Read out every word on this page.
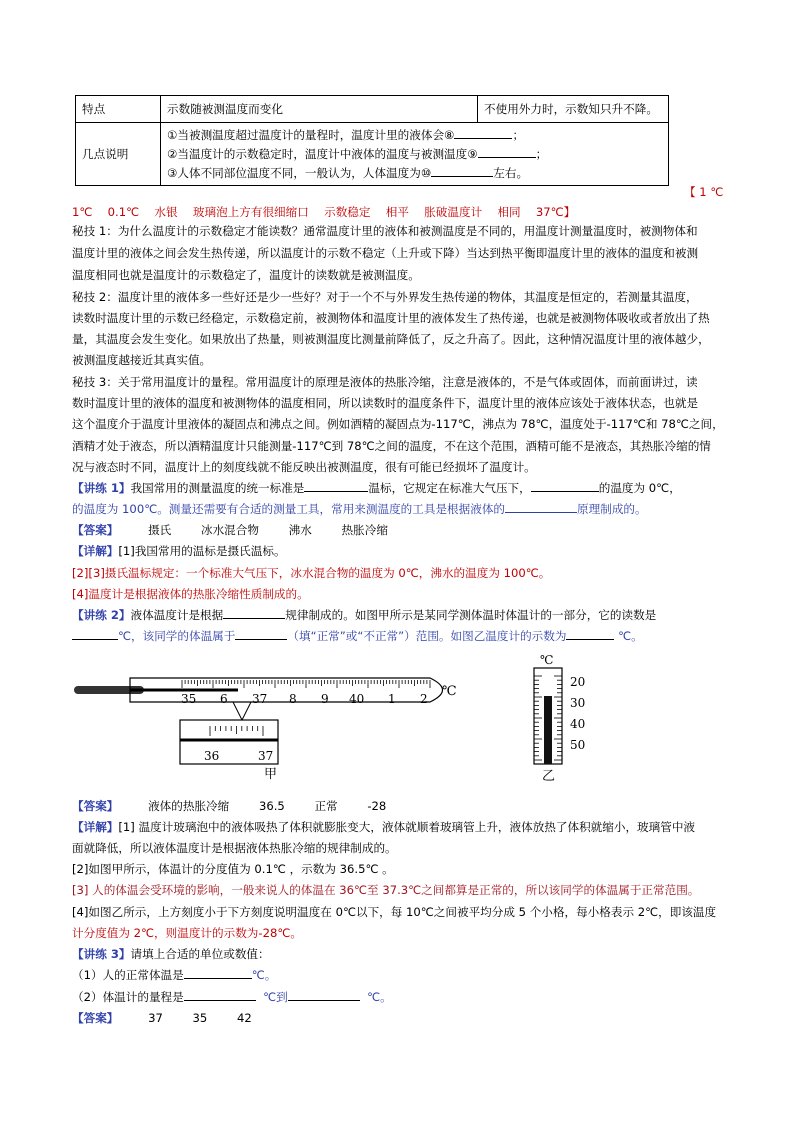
特点	示数随被测温度而变化	不使用外力时，示数知只升不降。
几点说明	①当被测温度超过温度计的量程时，温度计里的液体会⑧ ；
②当温度计的示数稳定时，温度计中液体的温度与被测温度⑨ ；
③人体不同部位温度不同，一般认为，人体温度为⑩ 左右。	
【 1 ℃
1℃　 0.1℃　 水银　 玻璃泡上方有很细缩口　 示数稳定　 相平　 胀破温度计　 相同　 37℃】
秘技 1：为什么温度计的示数稳定才能读数？通常温度计里的液体和被测温度是不同的，用温度计测量温度时，被测物体和
温度计里的液体之间会发生热传递，所以温度计的示数不稳定（上升或下降）当达到热平衡即温度计里的液体的温度和被测
温度相同也就是温度计的示数稳定了，温度计的读数就是被测温度。
秘技 2：温度计里的液体多一些好还是少一些好？对于一个不与外界发生热传递的物体，其温度是恒定的，若测量其温度，
读数时温度计里的示数已经稳定，示数稳定前，被测物体和温度计里的液体发生了热传递，也就是被测物体吸收或者放出了热
量，其温度会发生变化。如果放出了热量，则被测温度比测量前降低了，反之升高了。因此，这种情况温度计里的液体越少，
被测温度越接近其真实值。
秘技 3：关于常用温度计的量程。常用温度计的原理是液体的热胀冷缩，注意是液体的，不是气体或固体，而前面讲过，读
数时温度计里的液体的温度和被测物体的温度相同，所以读数时的温度条件下，温度计里的液体应该处于液体状态，也就是
这个温度介于温度计里液体的凝固点和沸点之间。例如酒精的凝固点为-117℃，沸点为 78℃，温度处于-117℃和 78℃之间，
酒精才处于液态，所以酒精温度计只能测量-117℃到 78℃之间的温度，不在这个范围，酒精可能不是液态，其热胀冷缩的情
况与液态时不同，温度计上的刻度线就不能反映出被测温度，很有可能已经损坏了温度计。
【讲练 1】我国常用的测量温度的统一标准是	温标，它规定在标准大气压下，	的温度为 0℃，
的温度为 100℃。测量还需要有合适的测量工具，常用来测温度的工具是根据液体的	原理制成的。
【答案】	摄氏	冰水混合物	沸水	热胀冷缩
【详解】[1]我国常用的温标是摄氏温标。
[2][3]摄氏温标规定：一个标准大气压下，冰水混合物的温度为 0℃，沸水的温度为 100℃。
[4]温度计是根据液体的热胀冷缩性质制成的。
【讲练 2】液体温度计是根据	规律制成的。如图甲所示是某同学测体温时体温计的一部分，它的读数是
℃，该同学的体温属于	（填“正常”或“不正常”）范围。如图乙温度计的示数为	℃。
35 6 37 8 9 40 1 2 ℃
36	37
甲
℃
20
30
40
50
乙
【答案】	液体的热胀冷缩	36.5	正常	-28
【详解】[1] 温度计玻璃泡中的液体吸热了体积就膨胀变大，液体就顺着玻璃管上升，液体放热了体积就缩小，玻璃管中液
面就降低，所以液体温度计是根据液体热胀冷缩的规律制成的。
[2]如图甲所示，体温计的分度值为 0.1℃ ，示数为 36.5℃ 。
[3] 人的体温会受环境的影响，一般来说人的体温在 36℃至 37.3℃之间都算是正常的，所以该同学的体温属于正常范围。
[4]如图乙所示，上方刻度小于下方刻度说明温度在 0℃以下，每 10℃之间被平均分成 5 个小格，每小格表示 2℃，即该温度
计分度值为 2℃，则温度计的示数为-28℃。
【讲练 3】请填上合适的单位或数值：
（1）人的正常体温是	℃。
（2）体温计的量程是	℃到	℃。
【答案】	37	35	42
